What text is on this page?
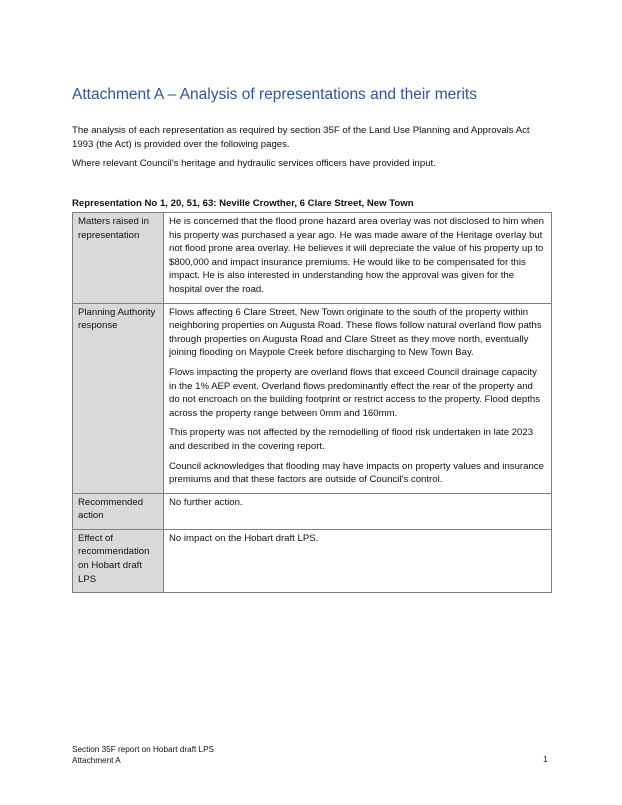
Attachment A – Analysis of representations and their merits

The analysis of each representation as required by section 35F of the Land Use Planning and Approvals Act 1993 (the Act) is provided over the following pages.

Where relevant Council’s heritage and hydraulic services officers have provided input.

Representation No 1, 20, 51, 63: Neville Crowther, 6 Clare Street, New Town

Matters raised in representation	He is concerned that the flood prone hazard area overlay was not disclosed to him when his property was purchased a year ago. He was made aware of the Heritage overlay but not flood prone area overlay. He believes it will depreciate the value of his property up to $800,000 and impact insurance premiums. He would like to be compensated for this impact. He is also interested in understanding how the approval was given for the hospital over the road.

Planning Authority response	Flows affecting 6 Clare Street, New Town originate to the south of the property within neighboring properties on Augusta Road. These flows follow natural overland flow paths through properties on Augusta Road and Clare Street as they move north, eventually joining flooding on Maypole Creek before discharging to New Town Bay.

Flows impacting the property are overland flows that exceed Council drainage capacity in the 1% AEP event. Overland flows predominantly effect the rear of the property and do not encroach on the building footprint or restrict access to the property. Flood depths across the property range between 0mm and 160mm.

This property was not affected by the remodelling of flood risk undertaken in late 2023 and described in the covering report.

Council acknowledges that flooding may have impacts on property values and insurance premiums and that these factors are outside of Council’s control.

Recommended action	No further action.

Effect of recommendation on Hobart draft LPS	No impact on the Hobart draft LPS.

Section 35F report on Hobart draft LPS
Attachment A	1
